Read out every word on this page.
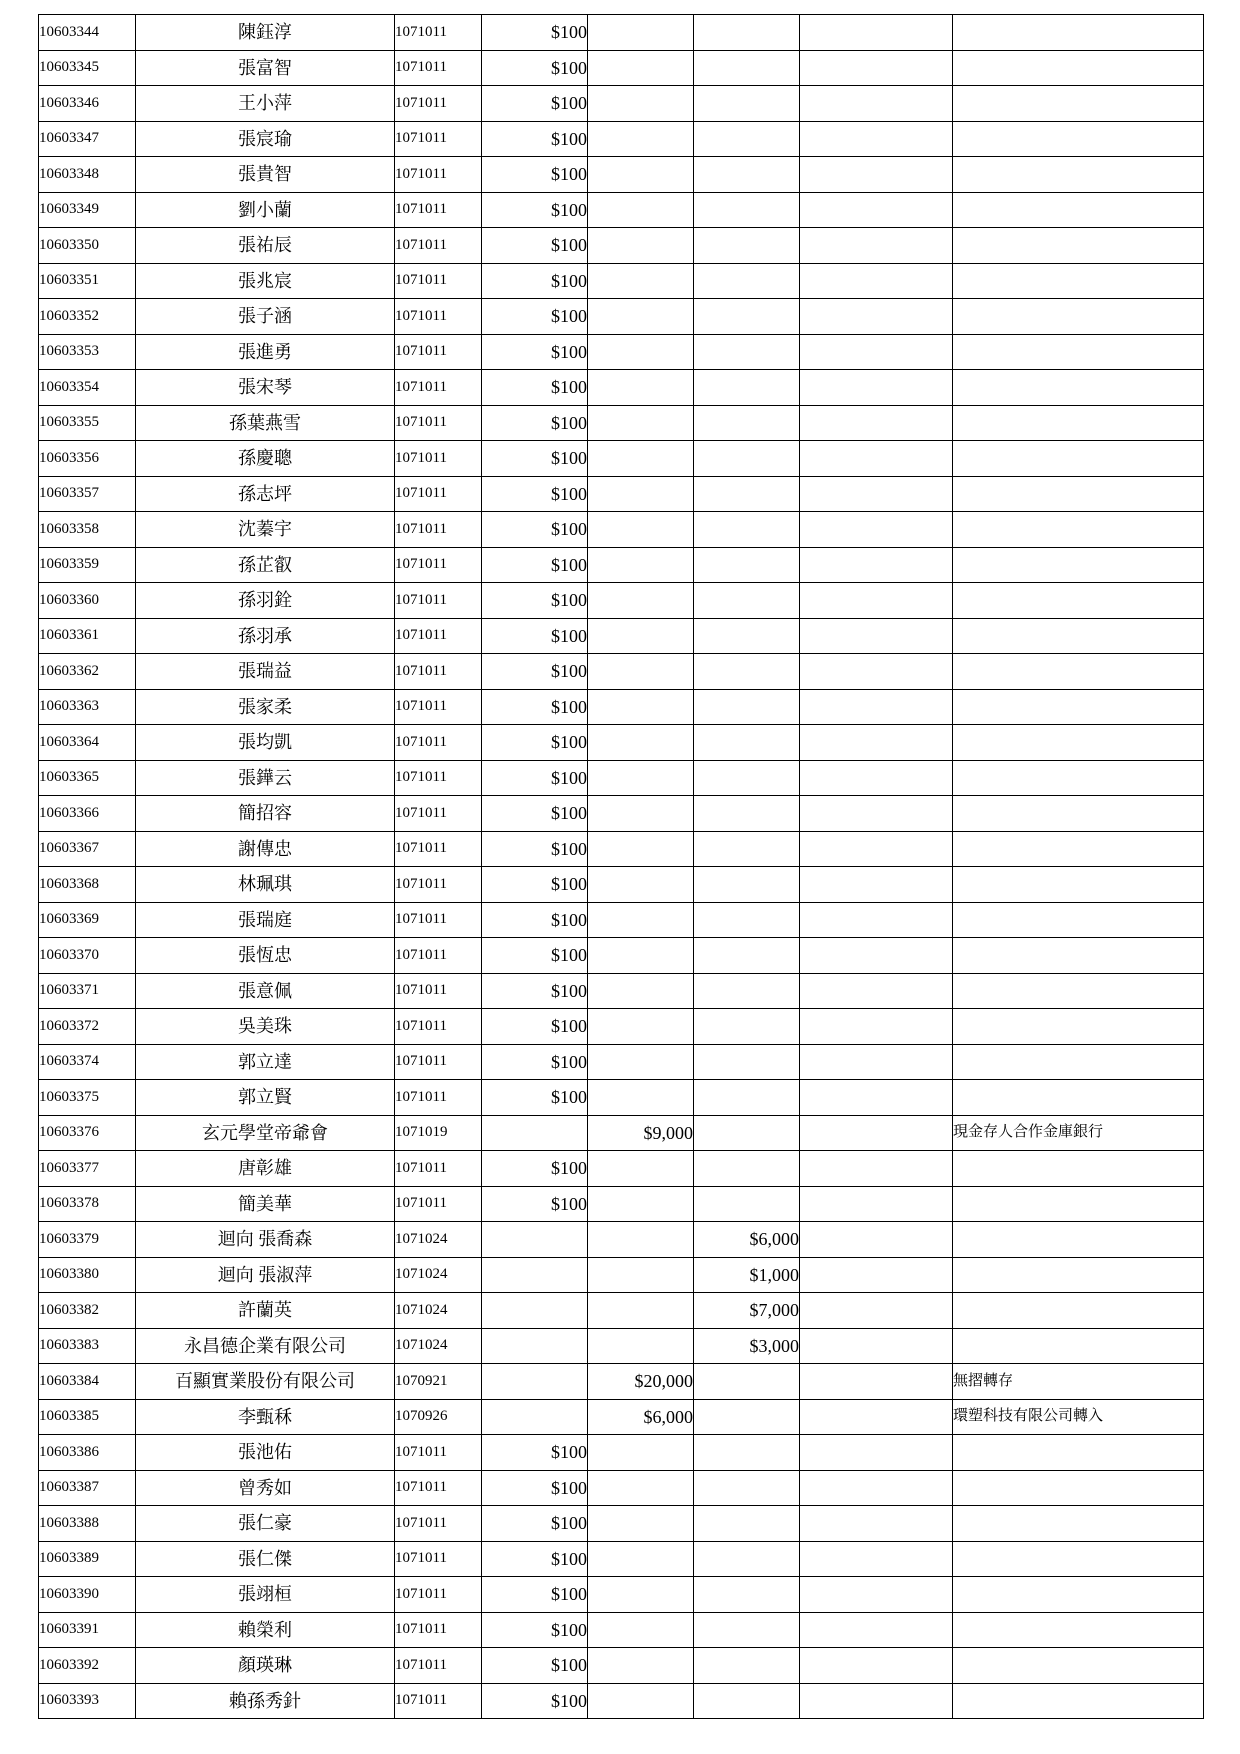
10603344	陳鈺淳	1071011	$100				
10603345	張富智	1071011	$100				
10603346	王小萍	1071011	$100				
10603347	張宸瑜	1071011	$100				
10603348	張貴智	1071011	$100				
10603349	劉小蘭	1071011	$100				
10603350	張祐辰	1071011	$100				
10603351	張兆宸	1071011	$100				
10603352	張子涵	1071011	$100				
10603353	張進勇	1071011	$100				
10603354	張宋琴	1071011	$100				
10603355	孫葉燕雪	1071011	$100				
10603356	孫慶聰	1071011	$100				
10603357	孫志坪	1071011	$100				
10603358	沈蓁宇	1071011	$100				
10603359	孫芷叡	1071011	$100				
10603360	孫羽銓	1071011	$100				
10603361	孫羽承	1071011	$100				
10603362	張瑞益	1071011	$100				
10603363	張家柔	1071011	$100				
10603364	張均凱	1071011	$100				
10603365	張鏵云	1071011	$100				
10603366	簡招容	1071011	$100				
10603367	謝傳忠	1071011	$100				
10603368	林珮琪	1071011	$100				
10603369	張瑞庭	1071011	$100				
10603370	張恆忠	1071011	$100				
10603371	張意佩	1071011	$100				
10603372	吳美珠	1071011	$100				
10603374	郭立達	1071011	$100				
10603375	郭立賢	1071011	$100				
10603376	玄元學堂帝爺會	1071019		$9,000			現金存人合作金庫銀行
10603377	唐彰雄	1071011	$100				
10603378	簡美華	1071011	$100				
10603379	迴向 張喬森	1071024			$6,000		
10603380	迴向 張淑萍	1071024			$1,000		
10603382	許蘭英	1071024			$7,000		
10603383	永昌德企業有限公司	1071024			$3,000		
10603384	百顯實業股份有限公司	1070921		$20,000			無摺轉存
10603385	李甄秝	1070926		$6,000			環塑科技有限公司轉入
10603386	張池佑	1071011	$100				
10603387	曾秀如	1071011	$100				
10603388	張仁豪	1071011	$100				
10603389	張仁傑	1071011	$100				
10603390	張翊桓	1071011	$100				
10603391	賴榮利	1071011	$100				
10603392	顏瑛琳	1071011	$100				
10603393	賴孫秀針	1071011	$100				
